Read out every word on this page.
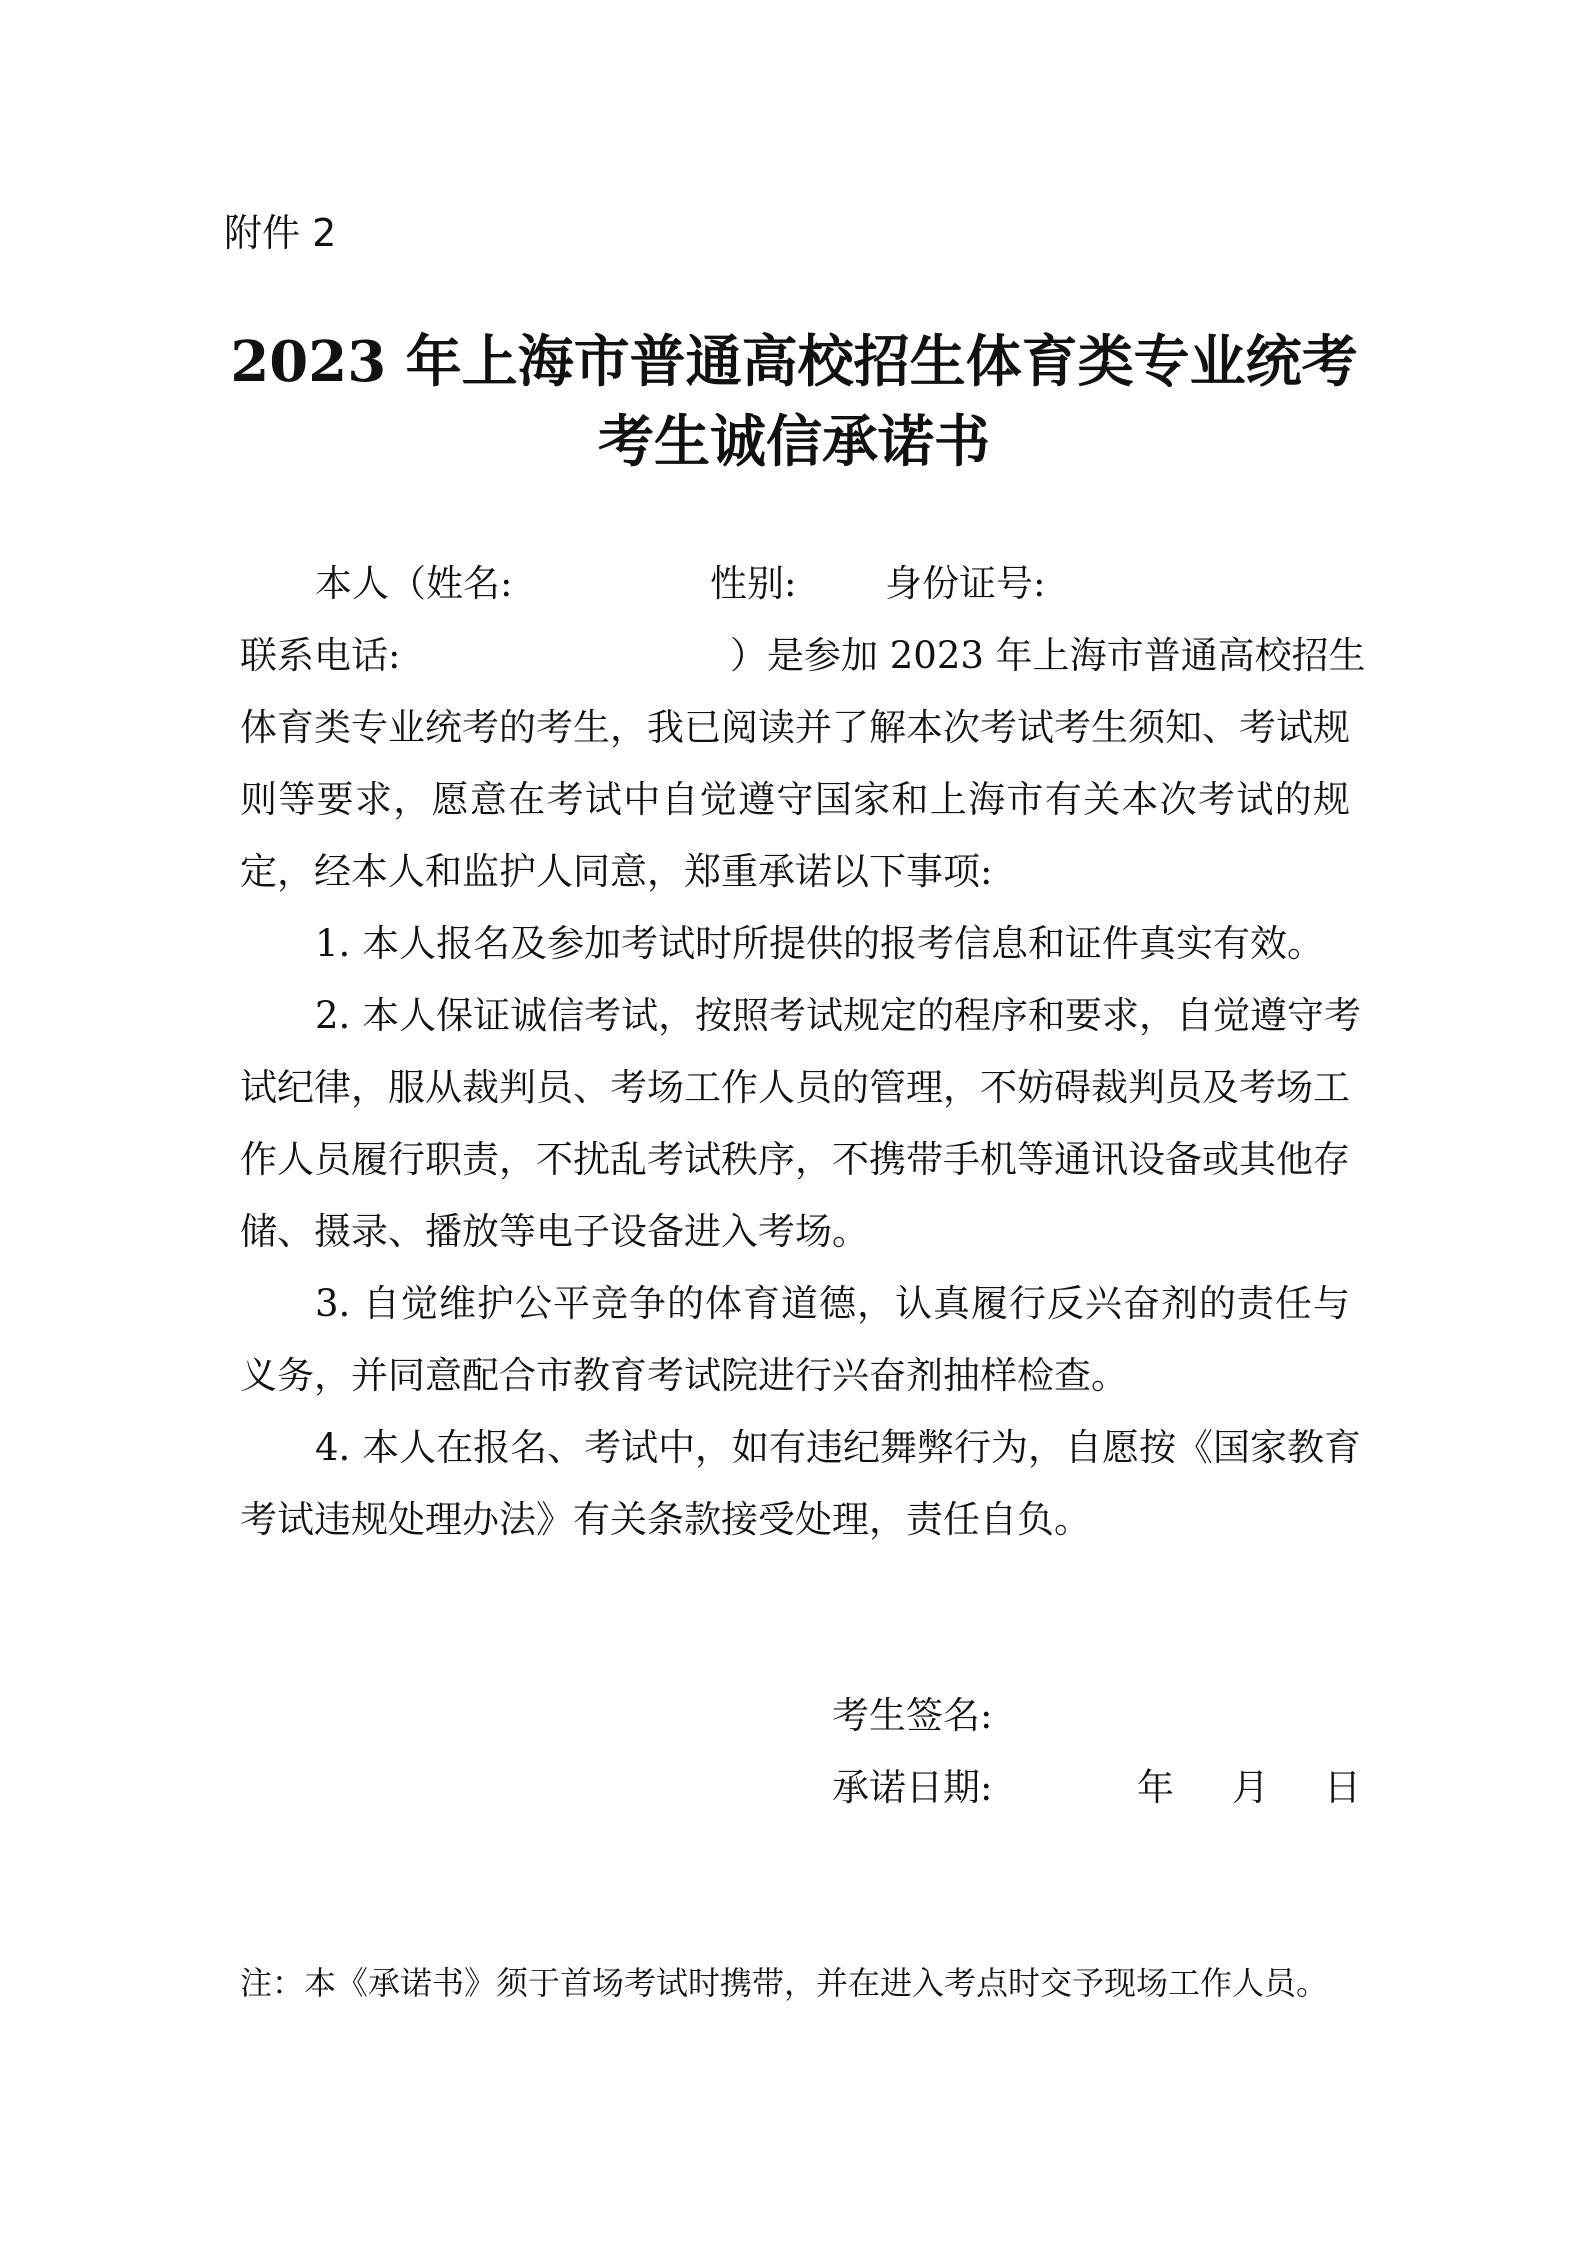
附件 2
2023 年上海市普通高校招生体育类专业统考
考生诚信承诺书
本人（姓名:	性别: 身份证号:
联系电话:	）是参加 2023 年上海市普通高校招生
体育类专业统考的考生，我已阅读并了解本次考试考生须知、考试规
则等要求，愿意在考试中自觉遵守国家和上海市有关本次考试的规
定，经本人和监护人同意，郑重承诺以下事项:
1. 本人报名及参加考试时所提供的报考信息和证件真实有效。
2. 本人保证诚信考试，按照考试规定的程序和要求，自觉遵守考
试纪律，服从裁判员、考场工作人员的管理，不妨碍裁判员及考场工
作人员履行职责，不扰乱考试秩序，不携带手机等通讯设备或其他存
储、摄录、播放等电子设备进入考场。
3. 自觉维护公平竞争的体育道德，认真履行反兴奋剂的责任与
义务，并同意配合市教育考试院进行兴奋剂抽样检查。
4. 本人在报名、考试中，如有违纪舞弊行为，自愿按《国家教育
考试违规处理办法》有关条款接受处理，责任自负。
考生签名:
承诺日期:	年 月 日
注：本《承诺书》须于首场考试时携带，并在进入考点时交予现场工作人员。
